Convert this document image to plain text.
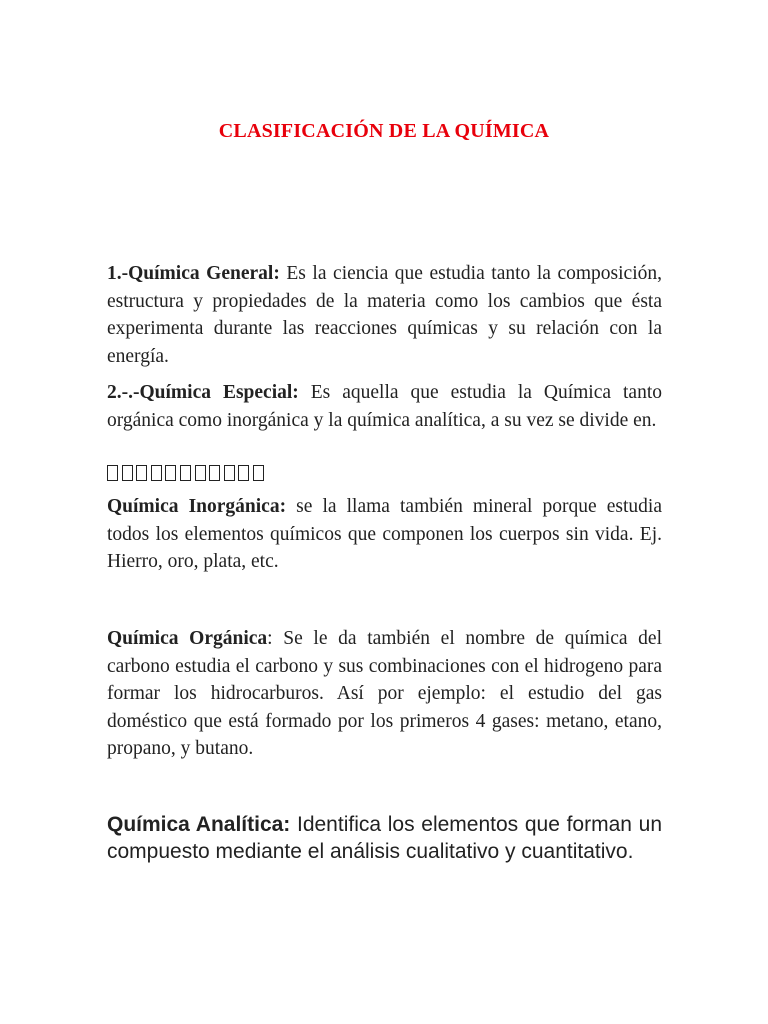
CLASIFICACIÓN DE LA QUÍMICA
1.-Química General: Es la ciencia que estudia tanto la composición, estructura y propiedades de la materia como los cambios que ésta experimenta durante las reacciones químicas y su relación con la energía.
2.-.-Química Especial: Es aquella que estudia la Química tanto orgánica como inorgánica y la química analítica, a su vez se divide en.
Química Inorgánica: se la llama también mineral porque estudia todos los elementos químicos que componen los cuerpos sin vida. Ej. Hierro, oro, plata, etc.
Química Orgánica: Se le da también el nombre de química del carbono estudia el carbono y sus combinaciones con el hidrogeno para formar los hidrocarburos. Así por ejemplo: el estudio del gas doméstico que está formado por los primeros 4 gases: metano, etano, propano, y butano.
Química Analítica: Identifica los elementos que forman un compuesto mediante el análisis cualitativo y cuantitativo.
